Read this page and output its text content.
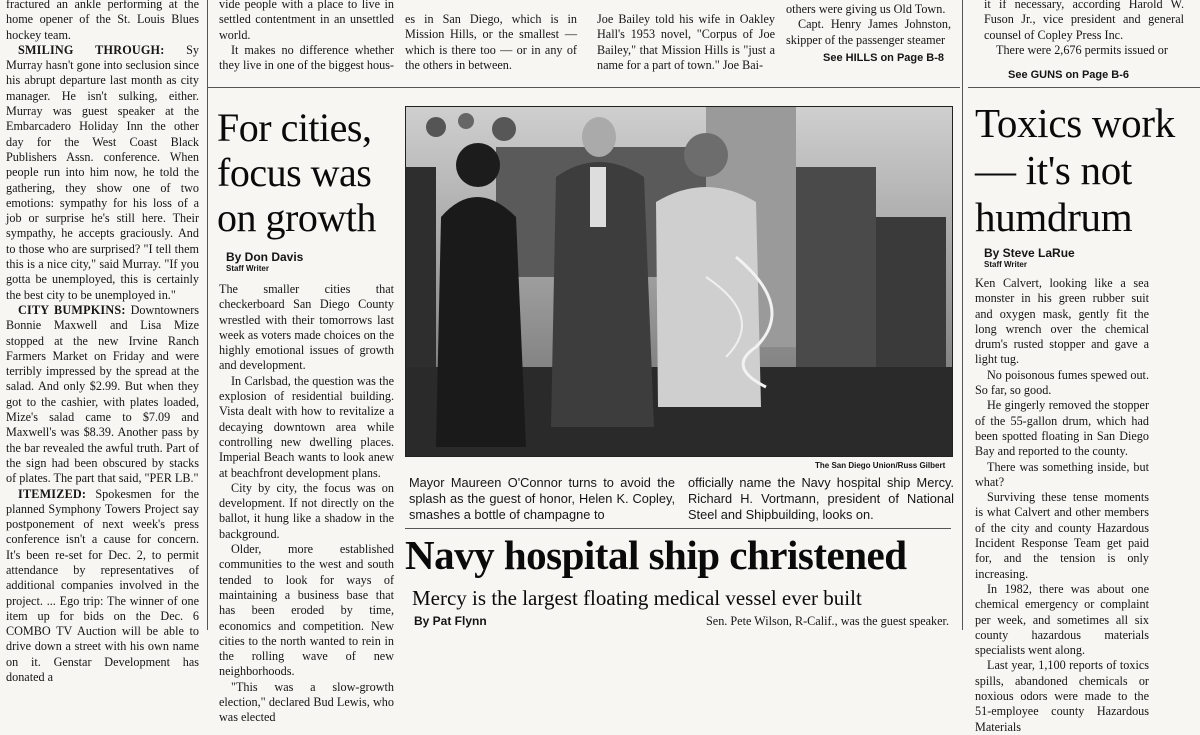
fractured an ankle performing at the home opener of the St. Louis Blues hockey team.

SMILING THROUGH: Sy Murray hasn't gone into seclusion since his abrupt departure last month as city manager. He isn't sulking, either. Murray was guest speaker at the Embarcadero Holiday Inn the other day for the West Coast Black Publishers Assn. conference. When people run into him now, he told the gathering, they show one of two emotions: sympathy for his loss of a job or surprise he's still here. Their sympathy, he accepts graciously. And to those who are surprised? "I tell them this is a nice city," said Murray. "If you gotta be unemployed, this is certainly the best city to be unemployed in."

CITY BUMPKINS: Downtowners Bonnie Maxwell and Lisa Mize stopped at the new Irvine Ranch Farmers Market on Friday and were terribly impressed by the spread at the salad. And only $2.99. But when they got to the cashier, with plates loaded, Mize's salad came to $7.09 and Maxwell's was $8.39. Another pass by the bar revealed the awful truth. Part of the sign had been obscured by stacks of plates. The part that said, "PER LB."

ITEMIZED: Spokesmen for the planned Symphony Towers Project say postponement of next week's press conference isn't a cause for concern. It's been re-set for Dec. 2, to permit attendance by representatives of additional companies involved in the project. ... Ego trip: The winner of one item up for bids on the Dec. 6 COMBO TV Auction will be able to drive down a street with his own name on it. Genstar Development has donated a

vide people with a place to live in settled contentment in an unsettled world.

It makes no difference whether they live in one of the biggest hous-

es in San Diego, which is in Mission Hills, or the smallest — which is there too — or in any of the others in between.

Joe Bailey told his wife in Oakley Hall's 1953 novel, "Corpus of Joe Bailey," that Mission Hills is "just a name for a part of town." Joe Bai-

others were giving us Old Town.

Capt. Henry James Johnston, skipper of the passenger steamer

See HILLS on Page B-8

it if necessary, according Harold W. Fuson Jr., vice president and general counsel of Copley Press Inc.

There were 2,676 permits issued or

See GUNS on Page B-6
For cities,
focus was
on growth

By Don Davis

Staff Writer

The smaller cities that checkerboard San Diego County wrestled with their tomorrows last week as voters made choices on the highly emotional issues of growth and development.

In Carlsbad, the question was the explosion of residential building. Vista dealt with how to revitalize a decaying downtown area while controlling new dwelling places. Imperial Beach wants to look anew at beachfront development plans.

City by city, the focus was on development. If not directly on the ballot, it hung like a shadow in the background.

Older, more established communities to the west and south tended to look for ways of maintaining a business base that has been eroded by time, economics and competition. New cities to the north wanted to rein in the rolling wave of new neighborhoods.

"This was a slow-growth election," declared Bud Lewis, who was elected

The San Diego Union/Russ Gilbert
Mayor Maureen O'Connor turns to avoid the splash as the guest of honor, Helen K. Copley, smashes a bottle of champagne to
officially name the Navy hospital ship Mercy. Richard H. Vortmann, president of National Steel and Shipbuilding, looks on.
Navy hospital ship christened
Mercy is the largest floating medical vessel ever built
By Pat Flynn	Sen. Pete Wilson, R-Calif., was the guest speaker.
Toxics work
— it's not
humdrum

By Steve LaRue

Staff Writer

Ken Calvert, looking like a sea monster in his green rubber suit and oxygen mask, gently fit the long wrench over the chemical drum's rusted stopper and gave a light tug.

No poisonous fumes spewed out. So far, so good.

He gingerly removed the stopper of the 55-gallon drum, which had been spotted floating in San Diego Bay and reported to the county.

There was something inside, but what?

Surviving these tense moments is what Calvert and other members of the city and county Hazardous Incident Response Team get paid for, and the tension is only increasing.

In 1982, there was about one chemical emergency or complaint per week, and sometimes all six county hazardous materials specialists went along.

Last year, 1,100 reports of toxics spills, abandoned chemicals or noxious odors were made to the 51-employee county Hazardous Materials
